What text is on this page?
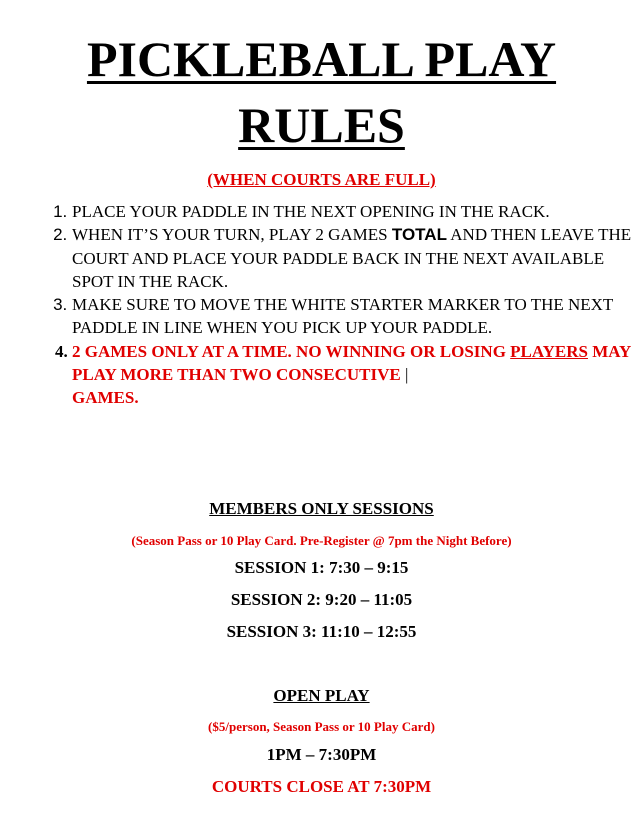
PICKLEBALL PLAY
RULES
(WHEN COURTS ARE FULL)
1. PLACE YOUR PADDLE IN THE NEXT OPENING IN THE RACK.
2. WHEN IT’S YOUR TURN, PLAY 2 GAMES TOTAL AND THEN LEAVE THE COURT AND PLACE YOUR PADDLE BACK IN THE NEXT AVAILABLE SPOT IN THE RACK.
3. MAKE SURE TO MOVE THE WHITE STARTER MARKER TO THE NEXT PADDLE IN LINE WHEN YOU PICK UP YOUR PADDLE.
4. 2 GAMES ONLY AT A TIME. NO WINNING OR LOSING PLAYERS MAY PLAY MORE THAN TWO CONSECUTIVE |
GAMES.
MEMBERS ONLY SESSIONS
(Season Pass or 10 Play Card. Pre-Register @ 7pm the Night Before)
SESSION 1: 7:30 – 9:15
SESSION 2: 9:20 – 11:05
SESSION 3: 11:10 – 12:55
OPEN PLAY
($5/person, Season Pass or 10 Play Card)
1PM – 7:30PM
COURTS CLOSE AT 7:30PM
